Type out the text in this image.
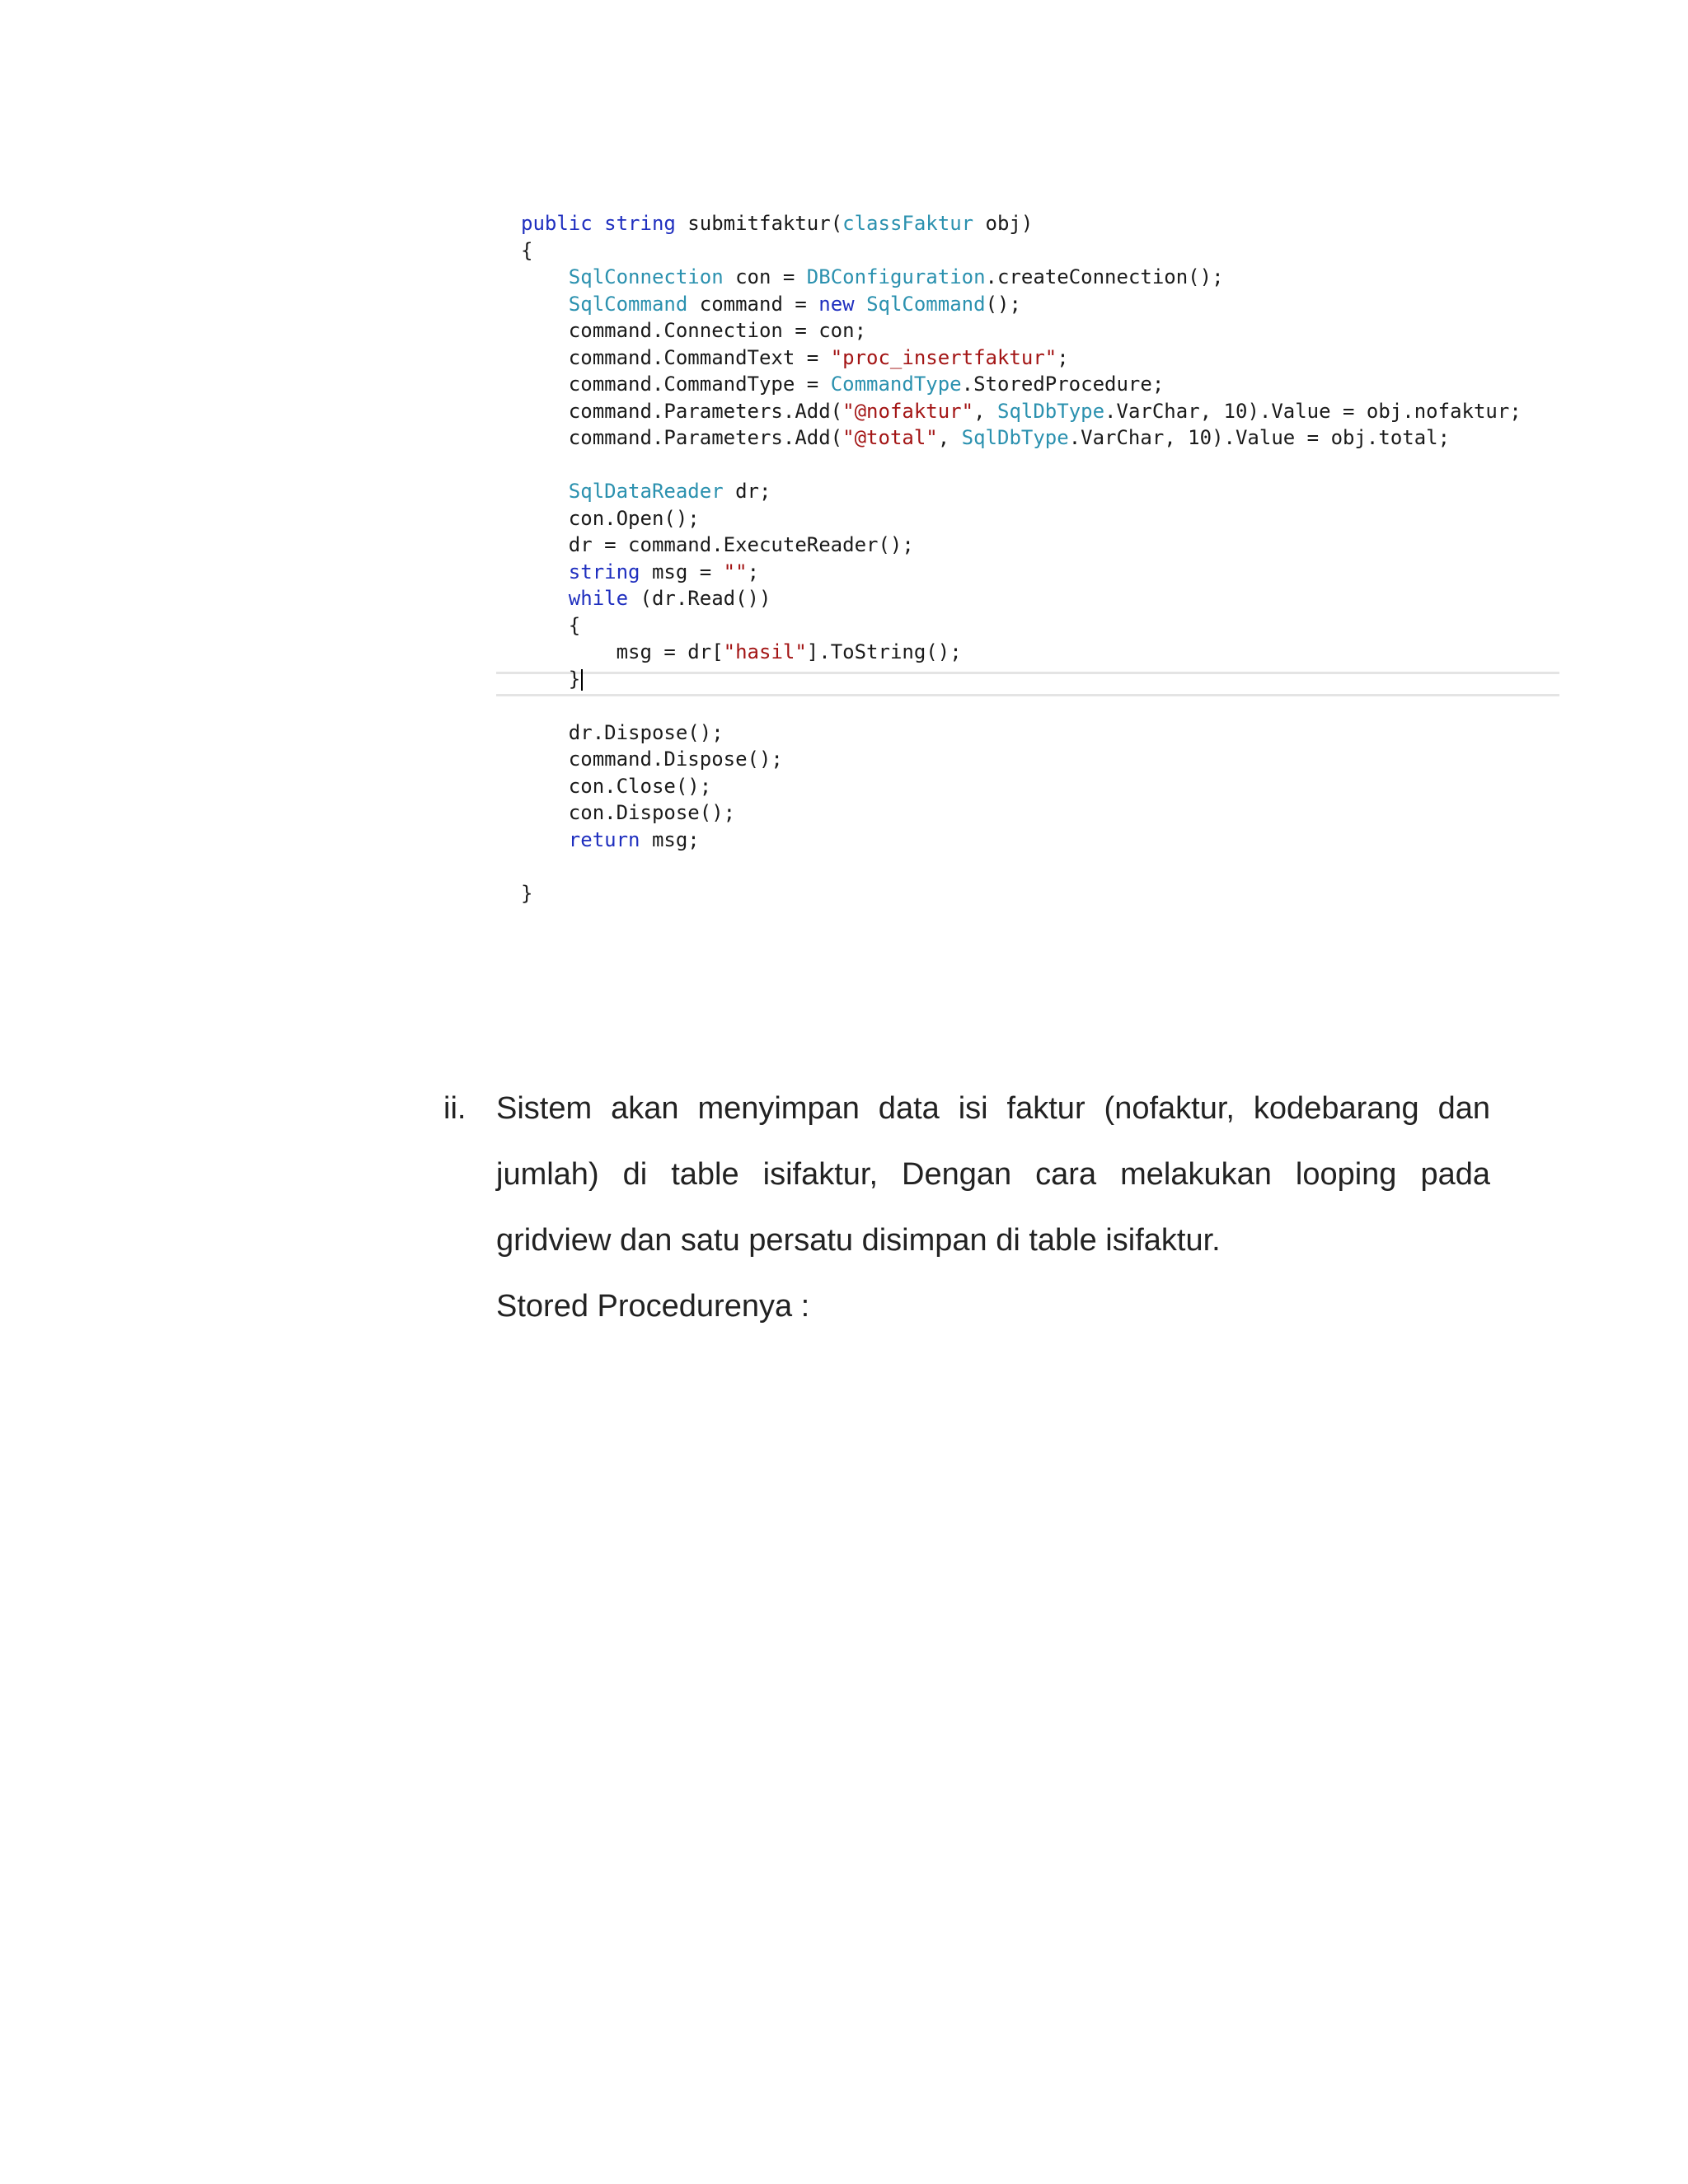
public string submitfaktur(classFaktur obj)
{
SqlConnection con = DBConfiguration.createConnection();
SqlCommand command = new SqlCommand();
command.Connection = con;
command.CommandText = "proc_insertfaktur";
command.CommandType = CommandType.StoredProcedure;
command.Parameters.Add("@nofaktur", SqlDbType.VarChar, 10).Value = obj.nofaktur;
command.Parameters.Add("@total", SqlDbType.VarChar, 10).Value = obj.total;
SqlDataReader dr;
con.Open();
dr = command.ExecuteReader();
string msg = "";
while (dr.Read())
{
msg = dr["hasil"].ToString();
}
dr.Dispose();
command.Dispose();
con.Close();
con.Dispose();
return msg;
}
ii. Sistem akan menyimpan data isi faktur (nofaktur, kodebarang dan jumlah) di table isifaktur, Dengan cara melakukan looping pada gridview dan satu persatu disimpan di table isifaktur.
Stored Procedurenya :
